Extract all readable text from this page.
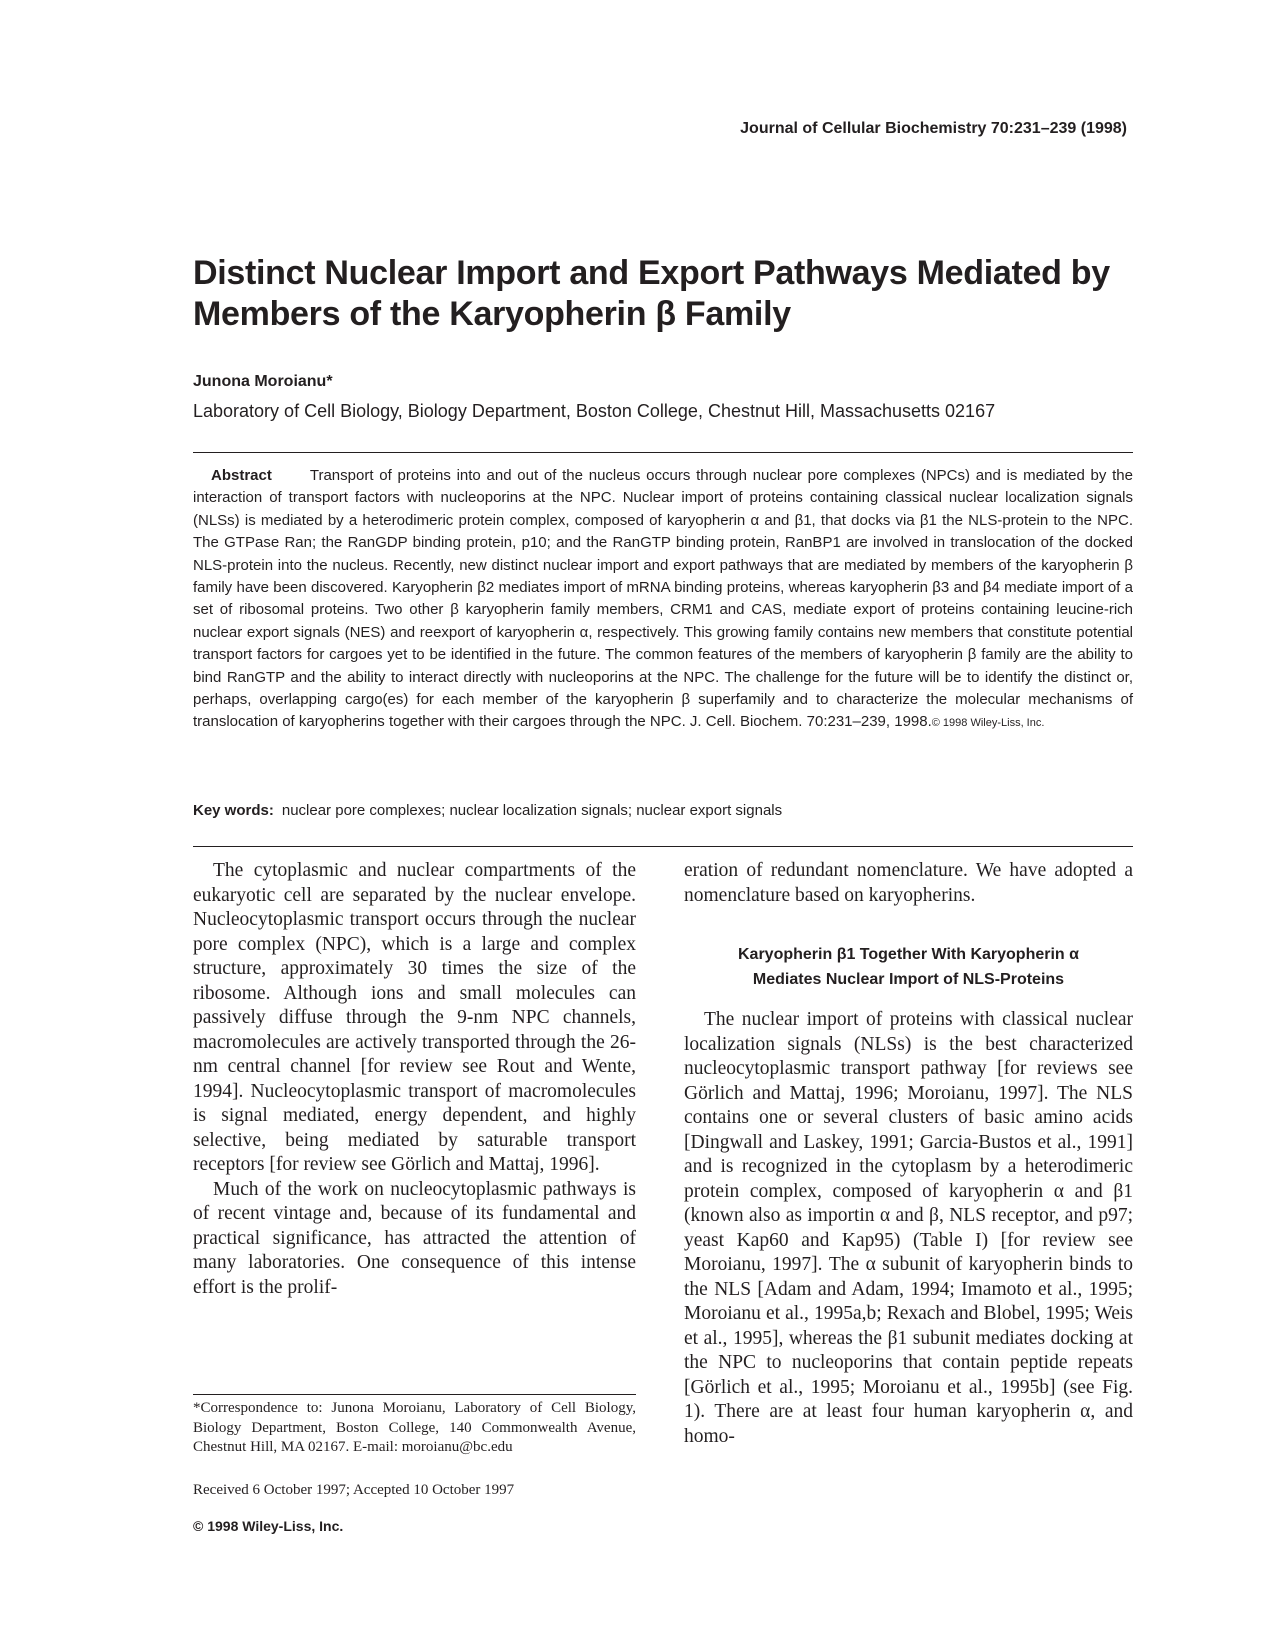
Journal of Cellular Biochemistry 70:231–239 (1998)
Distinct Nuclear Import and Export Pathways Mediated by Members of the Karyopherin β Family
Junona Moroianu*
Laboratory of Cell Biology, Biology Department, Boston College, Chestnut Hill, Massachusetts 02167

Abstract	Transport of proteins into and out of the nucleus occurs through nuclear pore complexes (NPCs) and is mediated by the interaction of transport factors with nucleoporins at the NPC. Nuclear import of proteins containing classical nuclear localization signals (NLSs) is mediated by a heterodimeric protein complex, composed of karyopherin α and β1, that docks via β1 the NLS-protein to the NPC. The GTPase Ran; the RanGDP binding protein, p10; and the RanGTP binding protein, RanBP1 are involved in translocation of the docked NLS-protein into the nucleus. Recently, new distinct nuclear import and export pathways that are mediated by members of the karyopherin β family have been discovered. Karyopherin β2 mediates import of mRNA binding proteins, whereas karyopherin β3 and β4 mediate import of a set of ribosomal proteins. Two other β karyopherin family members, CRM1 and CAS, mediate export of proteins containing leucine-rich nuclear export signals (NES) and reexport of karyopherin α, respectively. This growing family contains new members that constitute potential transport factors for cargoes yet to be identified in the future. The common features of the members of karyopherin β family are the ability to bind RanGTP and the ability to interact directly with nucleoporins at the NPC. The challenge for the future will be to identify the distinct or, perhaps, overlapping cargo(es) for each member of the karyopherin β superfamily and to characterize the molecular mechanisms of translocation of karyopherins together with their cargoes through the NPC. J. Cell. Biochem. 70:231–239, 1998.© 1998 Wiley-Liss, Inc.

Key words: nuclear pore complexes; nuclear localization signals; nuclear export signals

The cytoplasmic and nuclear compartments of the eukaryotic cell are separated by the nuclear envelope. Nucleocytoplasmic transport occurs through the nuclear pore complex (NPC), which is a large and complex structure, approximately 30 times the size of the ribosome. Although ions and small molecules can passively diffuse through the 9-nm NPC channels, macromolecules are actively transported through the 26-nm central channel [for review see Rout and Wente, 1994]. Nucleocytoplasmic transport of macromolecules is signal mediated, energy dependent, and highly selective, being mediated by saturable transport receptors [for review see Görlich and Mattaj, 1996].

Much of the work on nucleocytoplasmic pathways is of recent vintage and, because of its fundamental and practical significance, has attracted the attention of many laboratories. One consequence of this intense effort is the prolif-

eration of redundant nomenclature. We have adopted a nomenclature based on karyopherins.

Karyopherin β1 Together With Karyopherin α
Mediates Nuclear Import of NLS-Proteins

The nuclear import of proteins with classical nuclear localization signals (NLSs) is the best characterized nucleocytoplasmic transport pathway [for reviews see Görlich and Mattaj, 1996; Moroianu, 1997]. The NLS contains one or several clusters of basic amino acids [Dingwall and Laskey, 1991; Garcia-Bustos et al., 1991] and is recognized in the cytoplasm by a heterodimeric protein complex, composed of karyopherin α and β1 (known also as importin α and β, NLS receptor, and p97; yeast Kap60 and Kap95) (Table I) [for review see Moroianu, 1997]. The α subunit of karyopherin binds to the NLS [Adam and Adam, 1994; Imamoto et al., 1995; Moroianu et al., 1995a,b; Rexach and Blobel, 1995; Weis et al., 1995], whereas the β1 subunit mediates docking at the NPC to nucleoporins that contain peptide repeats [Görlich et al., 1995; Moroianu et al., 1995b] (see Fig. 1). There are at least four human karyopherin α, and homo-

*Correspondence to: Junona Moroianu, Laboratory of Cell Biology, Biology Department, Boston College, 140 Commonwealth Avenue, Chestnut Hill, MA 02167. E-mail: moroianu@bc.edu

Received 6 October 1997; Accepted 10 October 1997
© 1998 Wiley-Liss, Inc.
